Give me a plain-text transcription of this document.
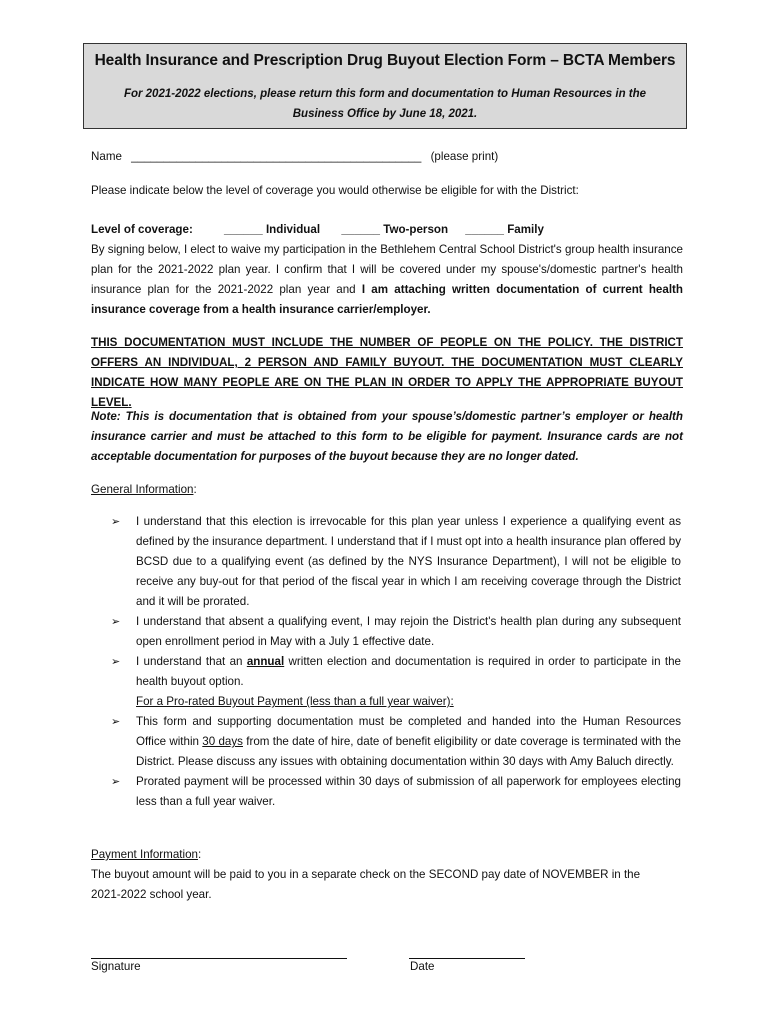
Health Insurance and Prescription Drug Buyout Election Form – BCTA Members
For 2021-2022 elections, please return this form and documentation to Human Resources in the Business Office by June 18, 2021.
Name _____________________________________________ (please print)
Please indicate below the level of coverage you would otherwise be eligible for with the District:
Level of coverage:	______ Individual ______ Two-person ______ Family
By signing below, I elect to waive my participation in the Bethlehem Central School District's group health insurance plan for the 2021-2022 plan year. I confirm that I will be covered under my spouse's/domestic partner's health insurance plan for the 2021-2022 plan year and I am attaching written documentation of current health insurance coverage from a health insurance carrier/employer.
THIS DOCUMENTATION MUST INCLUDE THE NUMBER OF PEOPLE ON THE POLICY. THE DISTRICT OFFERS AN INDIVIDUAL, 2 PERSON AND FAMILY BUYOUT. THE DOCUMENTATION MUST CLEARLY INDICATE HOW MANY PEOPLE ARE ON THE PLAN IN ORDER TO APPLY THE APPROPRIATE BUYOUT LEVEL.
Note: This is documentation that is obtained from your spouse’s/domestic partner’s employer or health insurance carrier and must be attached to this form to be eligible for payment. Insurance cards are not acceptable documentation for purposes of the buyout because they are no longer dated.
General Information:
➢ I understand that this election is irrevocable for this plan year unless I experience a qualifying event as defined by the insurance department. I understand that if I must opt into a health insurance plan offered by BCSD due to a qualifying event (as defined by the NYS Insurance Department), I will not be eligible to receive any buy-out for that period of the fiscal year in which I am receiving coverage through the District and it will be prorated.
➢ I understand that absent a qualifying event, I may rejoin the District's health plan during any subsequent open enrollment period in May with a July 1 effective date.
➢ I understand that an annual written election and documentation is required in order to participate in the health buyout option.
For a Pro-rated Buyout Payment (less than a full year waiver):
➢ This form and supporting documentation must be completed and handed into the Human Resources Office within 30 days from the date of hire, date of benefit eligibility or date coverage is terminated with the District. Please discuss any issues with obtaining documentation within 30 days with Amy Baluch directly.
➢ Prorated payment will be processed within 30 days of submission of all paperwork for employees electing less than a full year waiver.
Payment Information:
The buyout amount will be paid to you in a separate check on the SECOND pay date of NOVEMBER in the 2021-2022 school year.
Signature	Date
